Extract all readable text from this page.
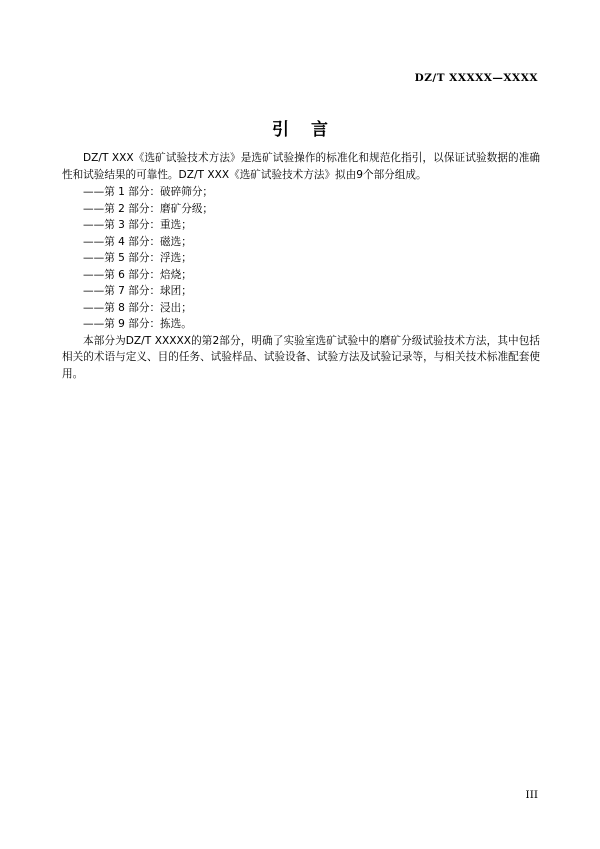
DZ/T XXXXX—XXXX
引 言

DZ/T XXX《选矿试验技术方法》是选矿试验操作的标准化和规范化指引，以保证试验数据的准确性和试验结果的可靠性。DZ/T XXX《选矿试验技术方法》拟由9个部分组成。

——第 1 部分：破碎筛分；
——第 2 部分：磨矿分级；
——第 3 部分：重选；
——第 4 部分：磁选；
——第 5 部分：浮选；
——第 6 部分：焙烧；
——第 7 部分：球团；
——第 8 部分：浸出；
——第 9 部分：拣选。

本部分为DZ/T XXXXX的第2部分，明确了实验室选矿试验中的磨矿分级试验技术方法，其中包括相关的术语与定义、目的任务、试验样品、试验设备、试验方法及试验记录等，与相关技术标准配套使用。

III
